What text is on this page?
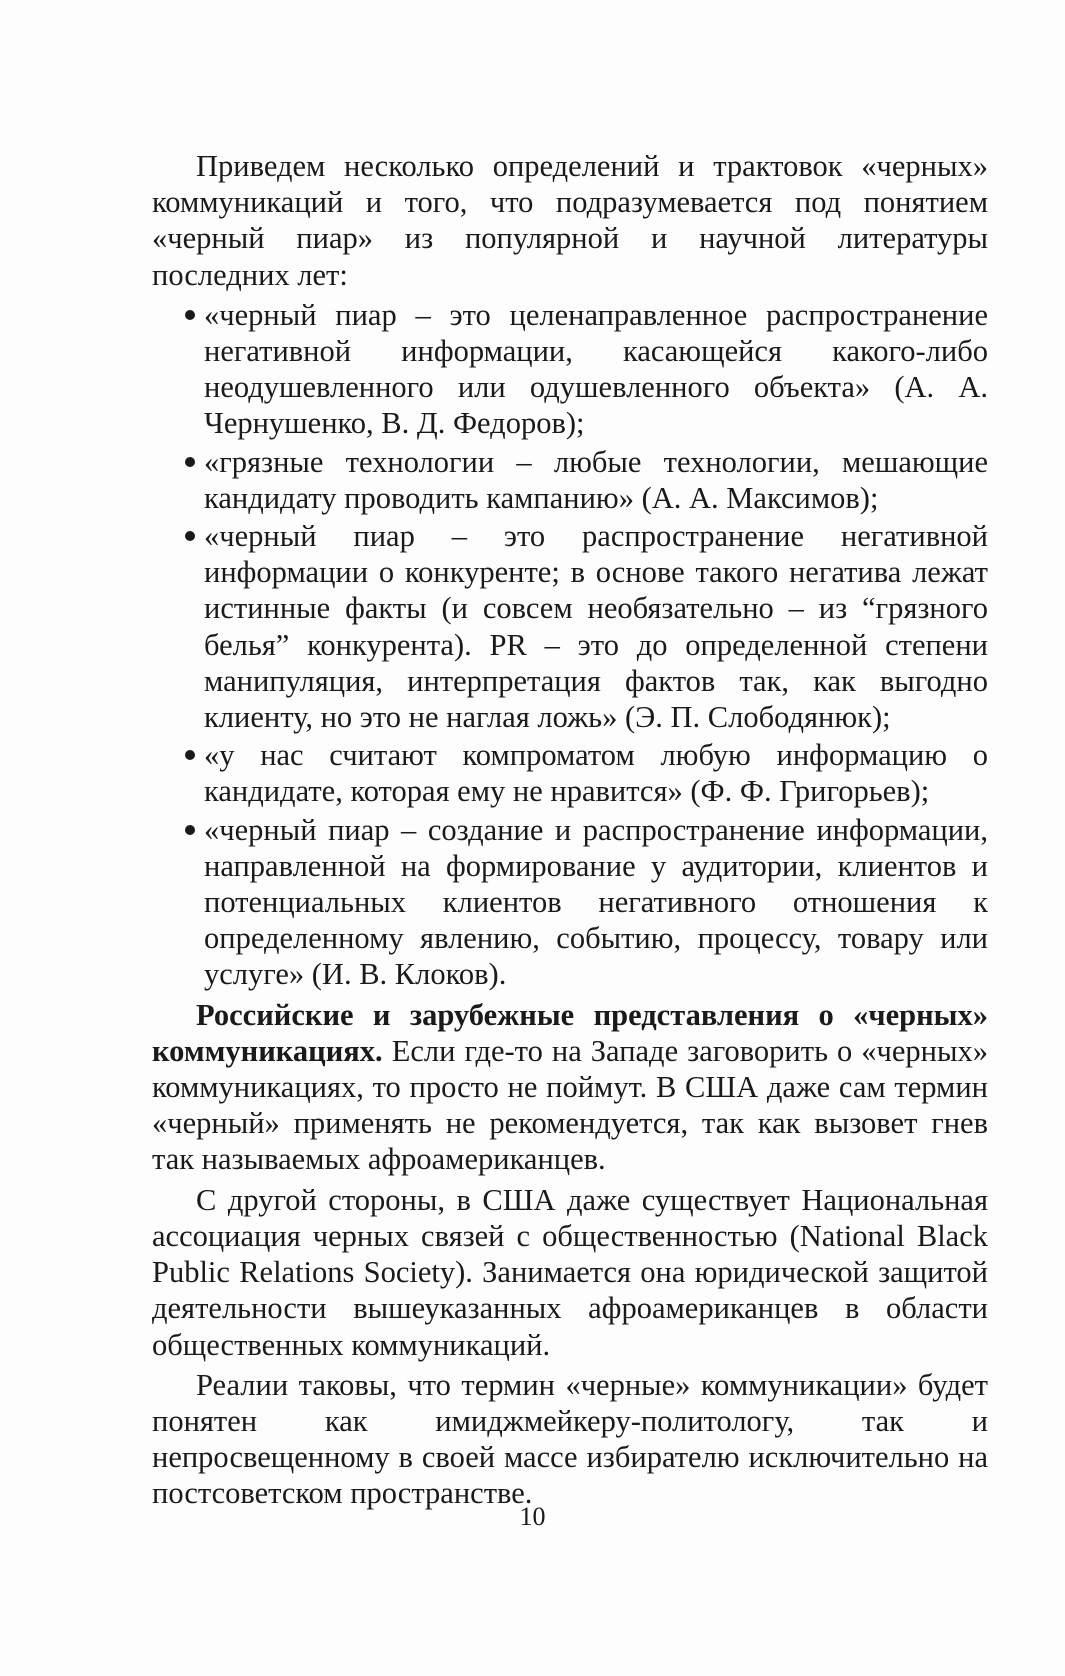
Приведем несколько определений и трактовок «черных» коммуникаций и того, что подразумевается под понятием «черный пиар» из популярной и научной литературы последних лет:

«черный пиар – это целенаправленное распространение негативной информации, касающейся какого-либо неодушевленного или одушевленного объекта» (А. А. Чернушенко, В. Д. Федоров);
«грязные технологии – любые технологии, мешающие кандидату проводить кампанию» (А. А. Максимов);
«черный пиар – это распространение негативной информации о конкуренте; в основе такого негатива лежат истинные факты (и совсем необязательно – из “грязного белья” конкурента). PR – это до определенной степени манипуляция, интерпретация фактов так, как выгодно клиенту, но это не наглая ложь» (Э. П. Слободянюк);
«у нас считают компроматом любую информацию о кандидате, которая ему не нравится» (Ф. Ф. Григорьев);
«черный пиар – создание и распространение информации, направленной на формирование у аудитории, клиентов и потенциальных клиентов негативного отношения к определенному явлению, событию, процессу, товару или услуге» (И. В. Клоков).

Российские и зарубежные представления о «черных» коммуникациях. Если где-то на Западе заговорить о «черных» коммуникациях, то просто не поймут. В США даже сам термин «черный» применять не рекомендуется, так как вызовет гнев так называемых афроамериканцев.

С другой стороны, в США даже существует Национальная ассоциация черных связей с общественностью (National Black Public Relations Society). Занимается она юридической защитой деятельности вышеуказанных афроамериканцев в области общественных коммуникаций.

Реалии таковы, что термин «черные» коммуникации» будет понятен как имиджмейкеру-политологу, так и непросвещенному в своей массе избирателю исключительно на постсоветском пространстве.

10
